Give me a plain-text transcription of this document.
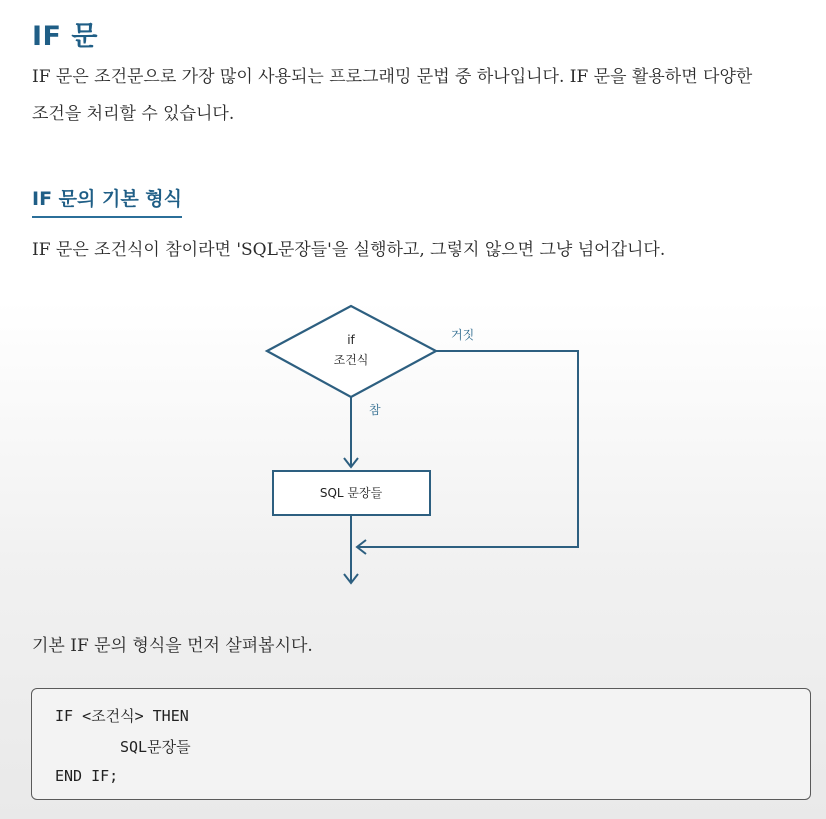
IF 문
IF 문은 조건문으로 가장 많이 사용되는 프로그래밍 문법 중 하나입니다. IF 문을 활용하면 다양한
조건을 처리할 수 있습니다.
IF 문의 기본 형식
IF 문은 조건식이 참이라면 'SQL문장들'을 실행하고, 그렇지 않으면 그냥 넘어갑니다.
if
조건식
참
SQL 문장들
거짓
기본 IF 문의 형식을 먼저 살펴봅시다.
IF <조건식> THEN
SQL문장들
END IF;
